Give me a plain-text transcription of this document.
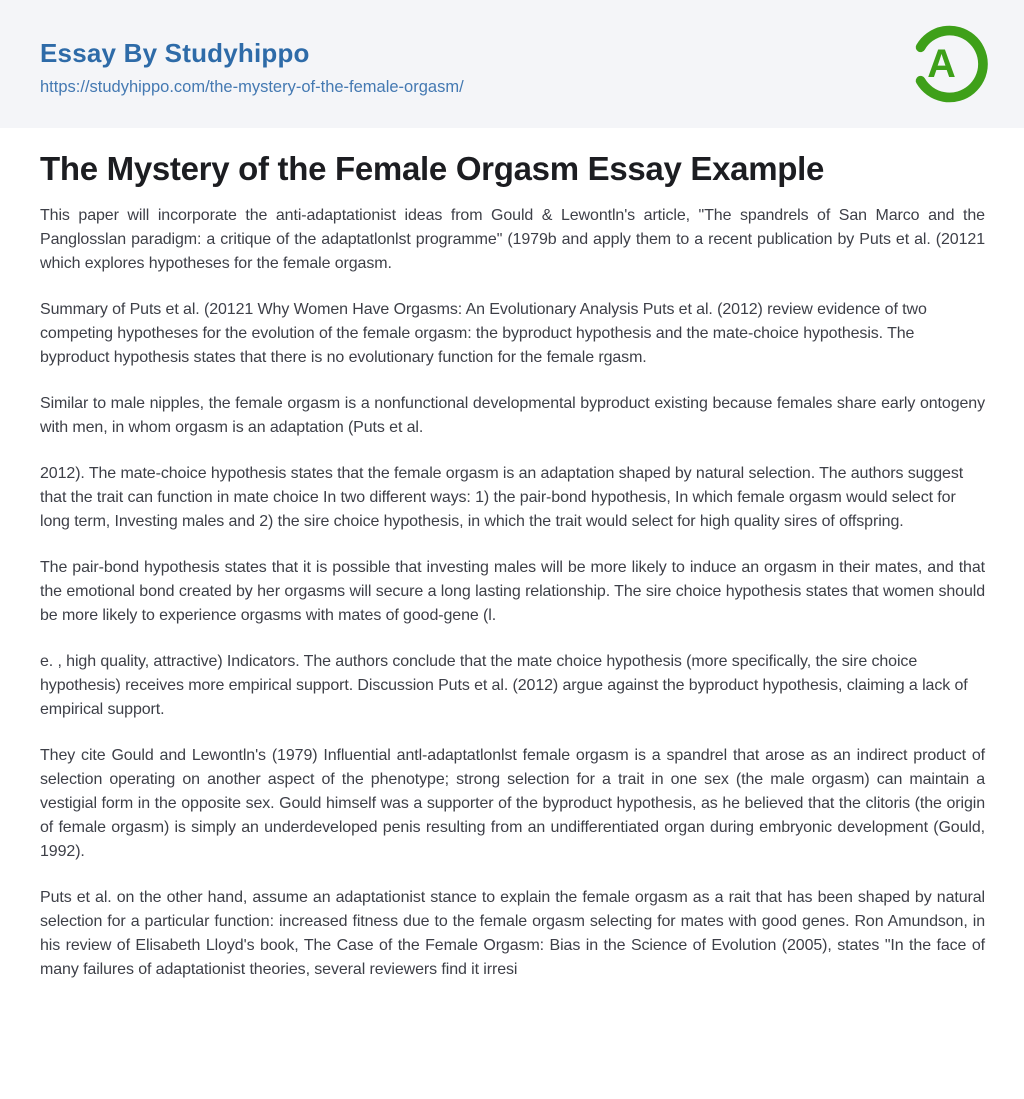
Essay By Studyhippo
https://studyhippo.com/the-mystery-of-the-female-orgasm/
A
The Mystery of the Female Orgasm Essay Example

This paper will incorporate the anti-adaptationist ideas from Gould & Lewontln's article, "The spandrels of San Marco and the Panglosslan paradigm: a critique of the adaptatlonlst programme" (1979b and apply them to a recent publication by Puts et al. (20121 which explores hypotheses for the female orgasm.

Summary of Puts et al. (20121 Why Women Have Orgasms: An Evolutionary Analysis Puts et al. (2012) review evidence of two competing hypotheses for the evolution of the female orgasm: the byproduct hypothesis and the mate-choice hypothesis. The byproduct hypothesis states that there is no evolutionary function for the female rgasm.

Similar to male nipples, the female orgasm is a nonfunctional developmental byproduct existing because females share early ontogeny with men, in whom orgasm is an adaptation (Puts et al.

2012). The mate-choice hypothesis states that the female orgasm is an adaptation shaped by natural selection. The authors suggest that the trait can function in mate choice In two different ways: 1) the pair-bond hypothesis, In which female orgasm would select for long term, Investing males and 2) the sire choice hypothesis, in which the trait would select for high quality sires of offspring.

The pair-bond hypothesis states that it is possible that investing males will be more likely to induce an orgasm in their mates, and that the emotional bond created by her orgasms will secure a long lasting relationship. The sire choice hypothesis states that women should be more likely to experience orgasms with mates of good-gene (l.

e. , high quality, attractive) Indicators. The authors conclude that the mate choice hypothesis (more specifically, the sire choice hypothesis) receives more empirical support. Discussion Puts et al. (2012) argue against the byproduct hypothesis, claiming a lack of empirical support.

They cite Gould and Lewontln's (1979) Influential antl-adaptatlonlst female orgasm is a spandrel that arose as an indirect product of selection operating on another aspect of the phenotype; strong selection for a trait in one sex (the male orgasm) can maintain a vestigial form in the opposite sex. Gould himself was a supporter of the byproduct hypothesis, as he believed that the clitoris (the origin of female orgasm) is simply an underdeveloped penis resulting from an undifferentiated organ during embryonic development (Gould, 1992).

Puts et al. on the other hand, assume an adaptationist stance to explain the female orgasm as a rait that has been shaped by natural selection for a particular function: increased fitness due to the female orgasm selecting for mates with good genes. Ron Amundson, in his review of Elisabeth Lloyd's book, The Case of the Female Orgasm: Bias in the Science of Evolution (2005), states "In the face of many failures of adaptationist theories, several reviewers find it irresi
